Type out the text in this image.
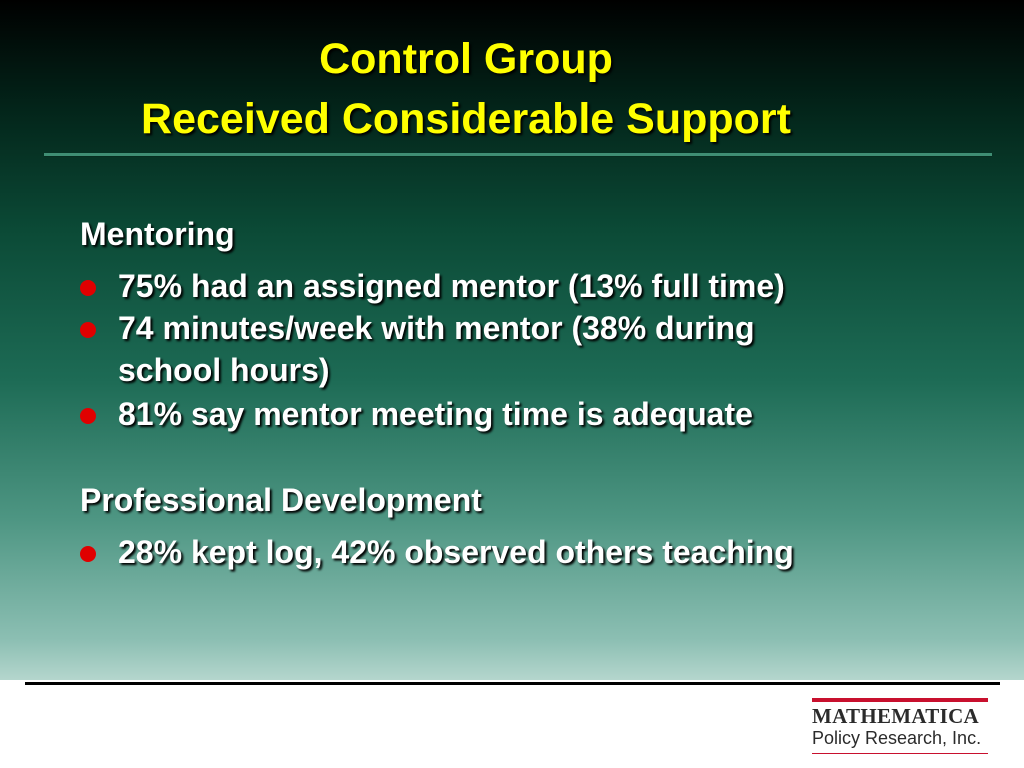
Control Group
Received Considerable Support
Mentoring
75% had an assigned mentor (13% full time)
74 minutes/week with mentor (38% during
school hours)
81% say mentor meeting time is adequate
Professional Development
28% kept log, 42% observed others teaching
MATHEMATICA
Policy Research, Inc.
